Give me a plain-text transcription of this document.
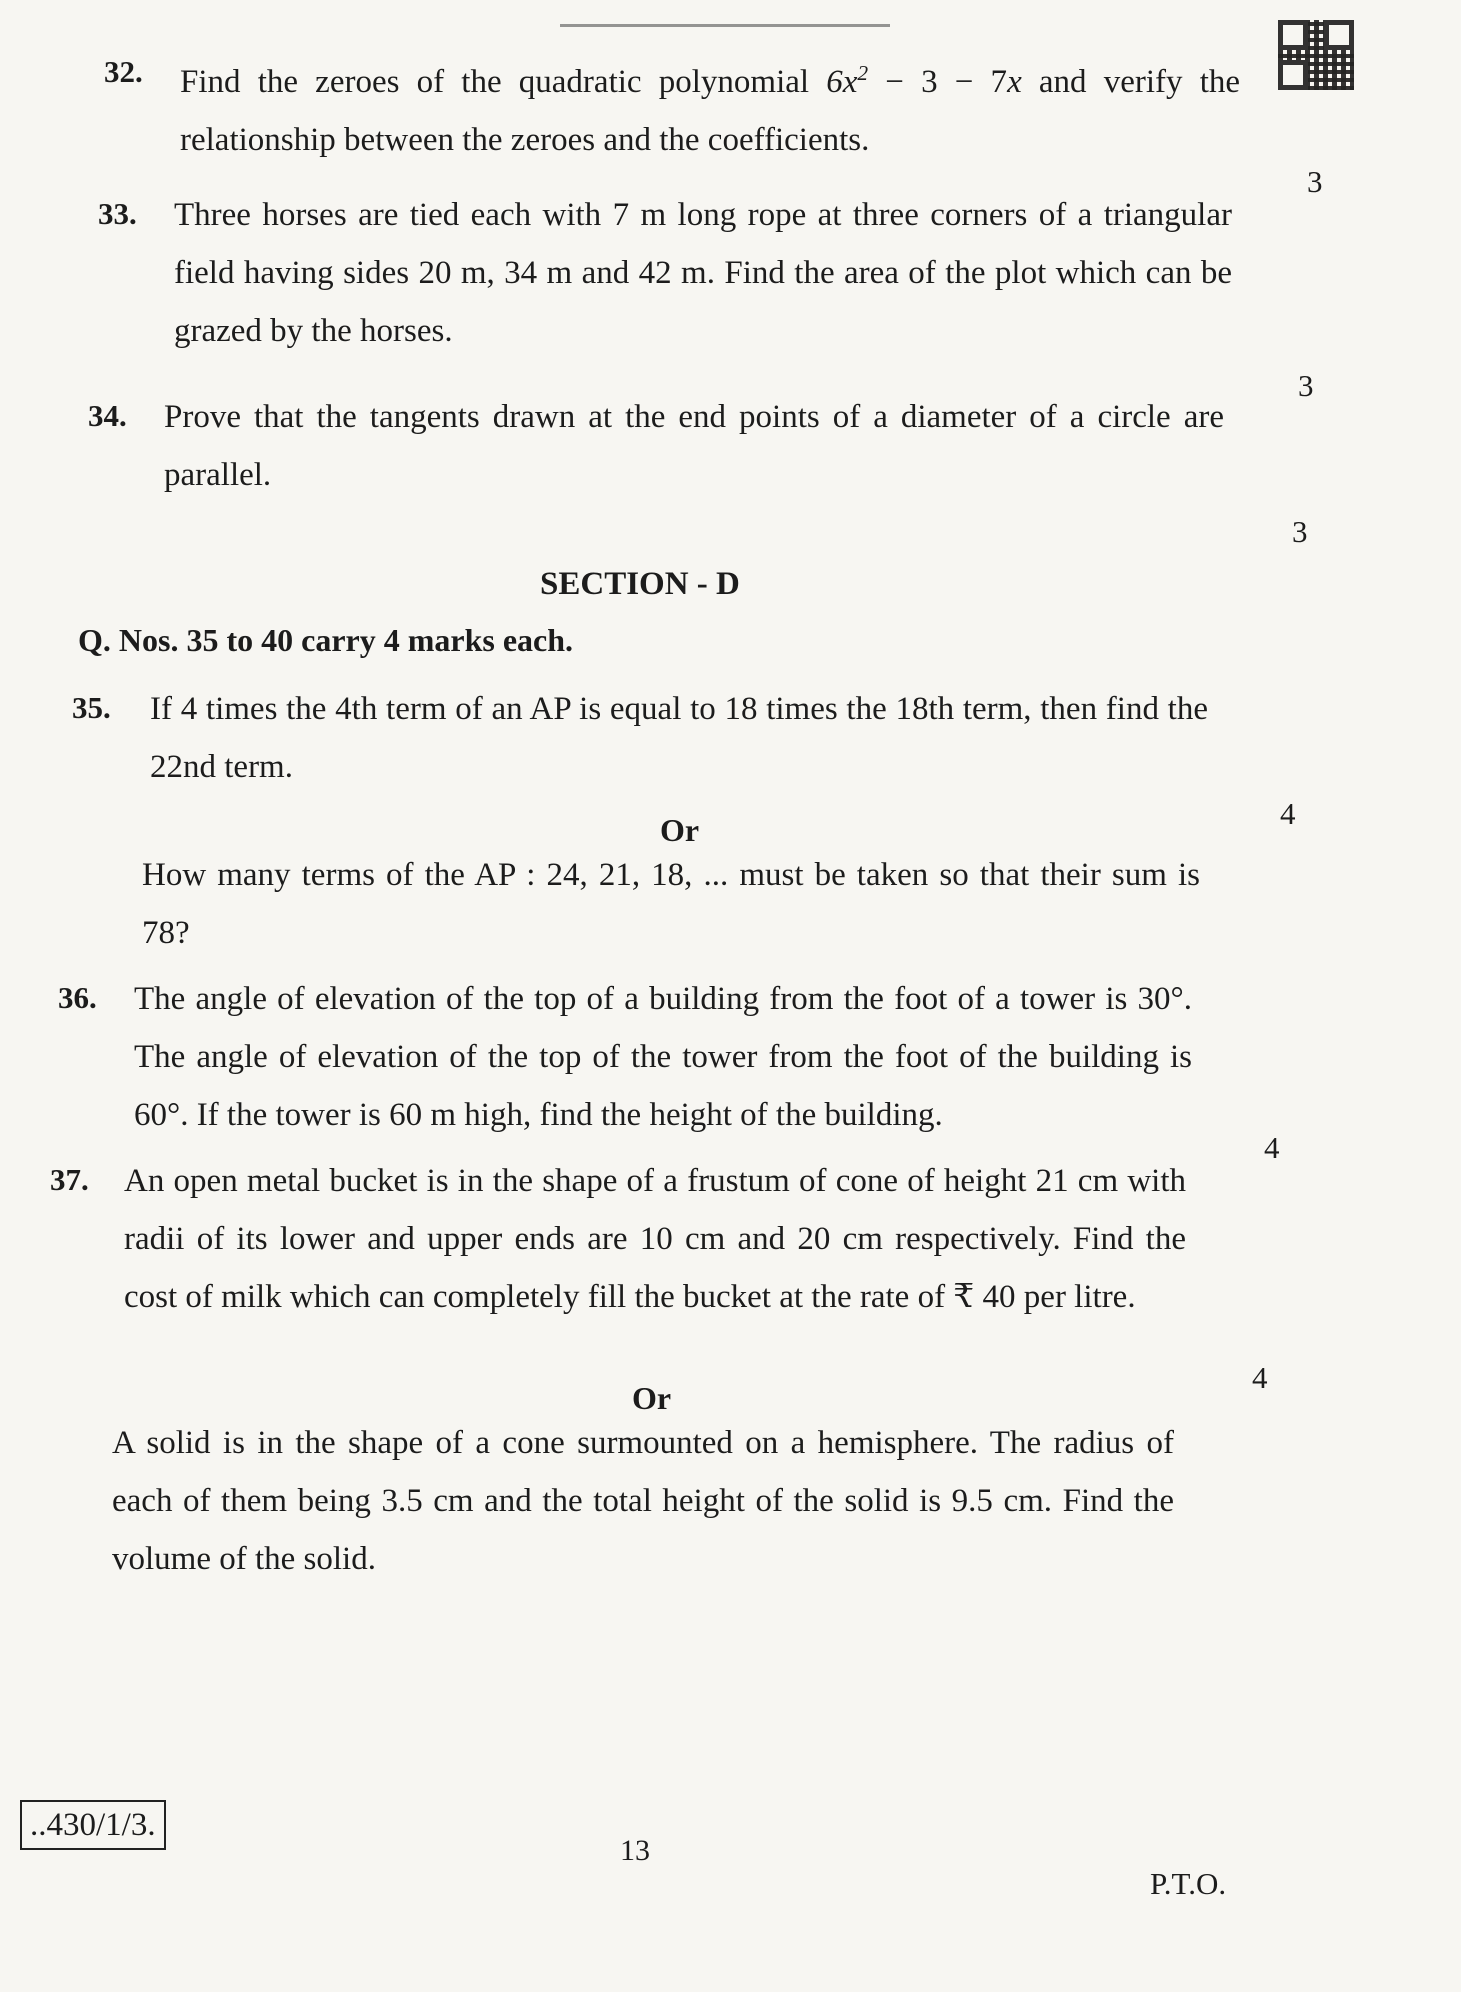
32. Find the zeroes of the quadratic polynomial $6x^2 - 3 - 7x$ and verify the relationship between the zeroes and the coefficients.
3
33. Three horses are tied each with 7 m long rope at three corners of a triangular field having sides 20 m, 34 m and 42 m. Find the area of the plot which can be grazed by the horses.
3
34. Prove that the tangents drawn at the end points of a diameter of a circle are parallel.
3
SECTION - D
Q. Nos. 35 to 40 carry 4 marks each.
35. If 4 times the 4th term of an AP is equal to 18 times the 18th term, then find the 22nd term.
4
Or
How many terms of the AP : 24, 21, 18, ... must be taken so that their sum is 78?
36. The angle of elevation of the top of a building from the foot of a tower is 30°. The angle of elevation of the top of the tower from the foot of the building is 60°. If the tower is 60 m high, find the height of the building.
4
37. An open metal bucket is in the shape of a frustum of cone of height 21 cm with radii of its lower and upper ends are 10 cm and 20 cm respectively. Find the cost of milk which can completely fill the bucket at the rate of ₹ 40 per litre.
4
Or
A solid is in the shape of a cone surmounted on a hemisphere. The radius of each of them being 3.5 cm and the total height of the solid is 9.5 cm. Find the volume of the solid.
..430/1/3.
13
P.T.O.
